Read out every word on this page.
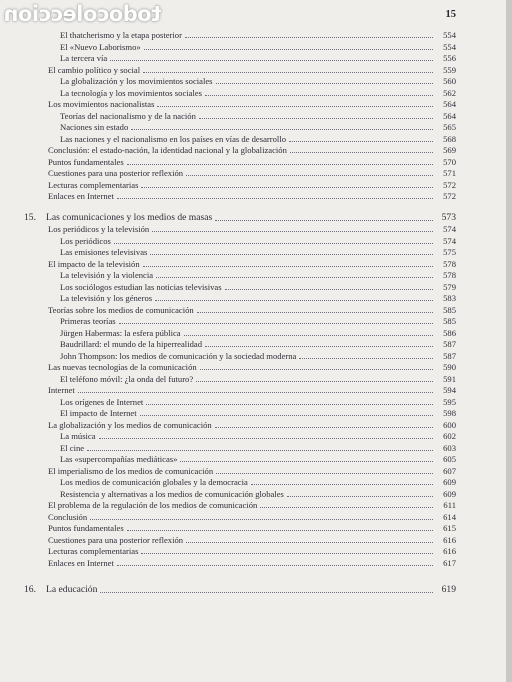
todocoleccion	15
El thatcherismo y la etapa posterior	554
El «Nuevo Laborismo»	554
La tercera vía	556
El cambio político y social	559
La globalización y los movimientos sociales	560
La tecnología y los movimientos sociales	562
Los movimientos nacionalistas	564
Teorías del nacionalismo y de la nación	564
Naciones sin estado	565
Las naciones y el nacionalismo en los países en vías de desarrollo	568
Conclusión: el estado-nación, la identidad nacional y la globalización	569
Puntos fundamentales	570
Cuestiones para una posterior reflexión	571
Lecturas complementarias	572
Enlaces en Internet	572
15. Las comunicaciones y los medios de masas	573
Los periódicos y la televisión	574
Los periódicos	574
Las emisiones televisivas	575
El impacto de la televisión	578
La televisión y la violencia	578
Los sociólogos estudian las noticias televisivas	579
La televisión y los géneros	583
Teorías sobre los medios de comunicación	585
Primeras teorías	585
Jürgen Habermas: la esfera pública	586
Baudrillard: el mundo de la hiperrealidad	587
John Thompson: los medios de comunicación y la sociedad moderna	587
Las nuevas tecnologías de la comunicación	590
El teléfono móvil: ¿la onda del futuro?	591
Internet	594
Los orígenes de Internet	595
El impacto de Internet	598
La globalización y los medios de comunicación	600
La música	602
El cine	603
Las «supercompañías mediáticas»	605
El imperialismo de los medios de comunicación	607
Los medios de comunicación globales y la democracia	609
Resistencia y alternativas a los medios de comunicación globales	609
El problema de la regulación de los medios de comunicación	611
Conclusión	614
Puntos fundamentales	615
Cuestiones para una posterior reflexión	616
Lecturas complementarias	616
Enlaces en Internet	617
16. La educación	619
